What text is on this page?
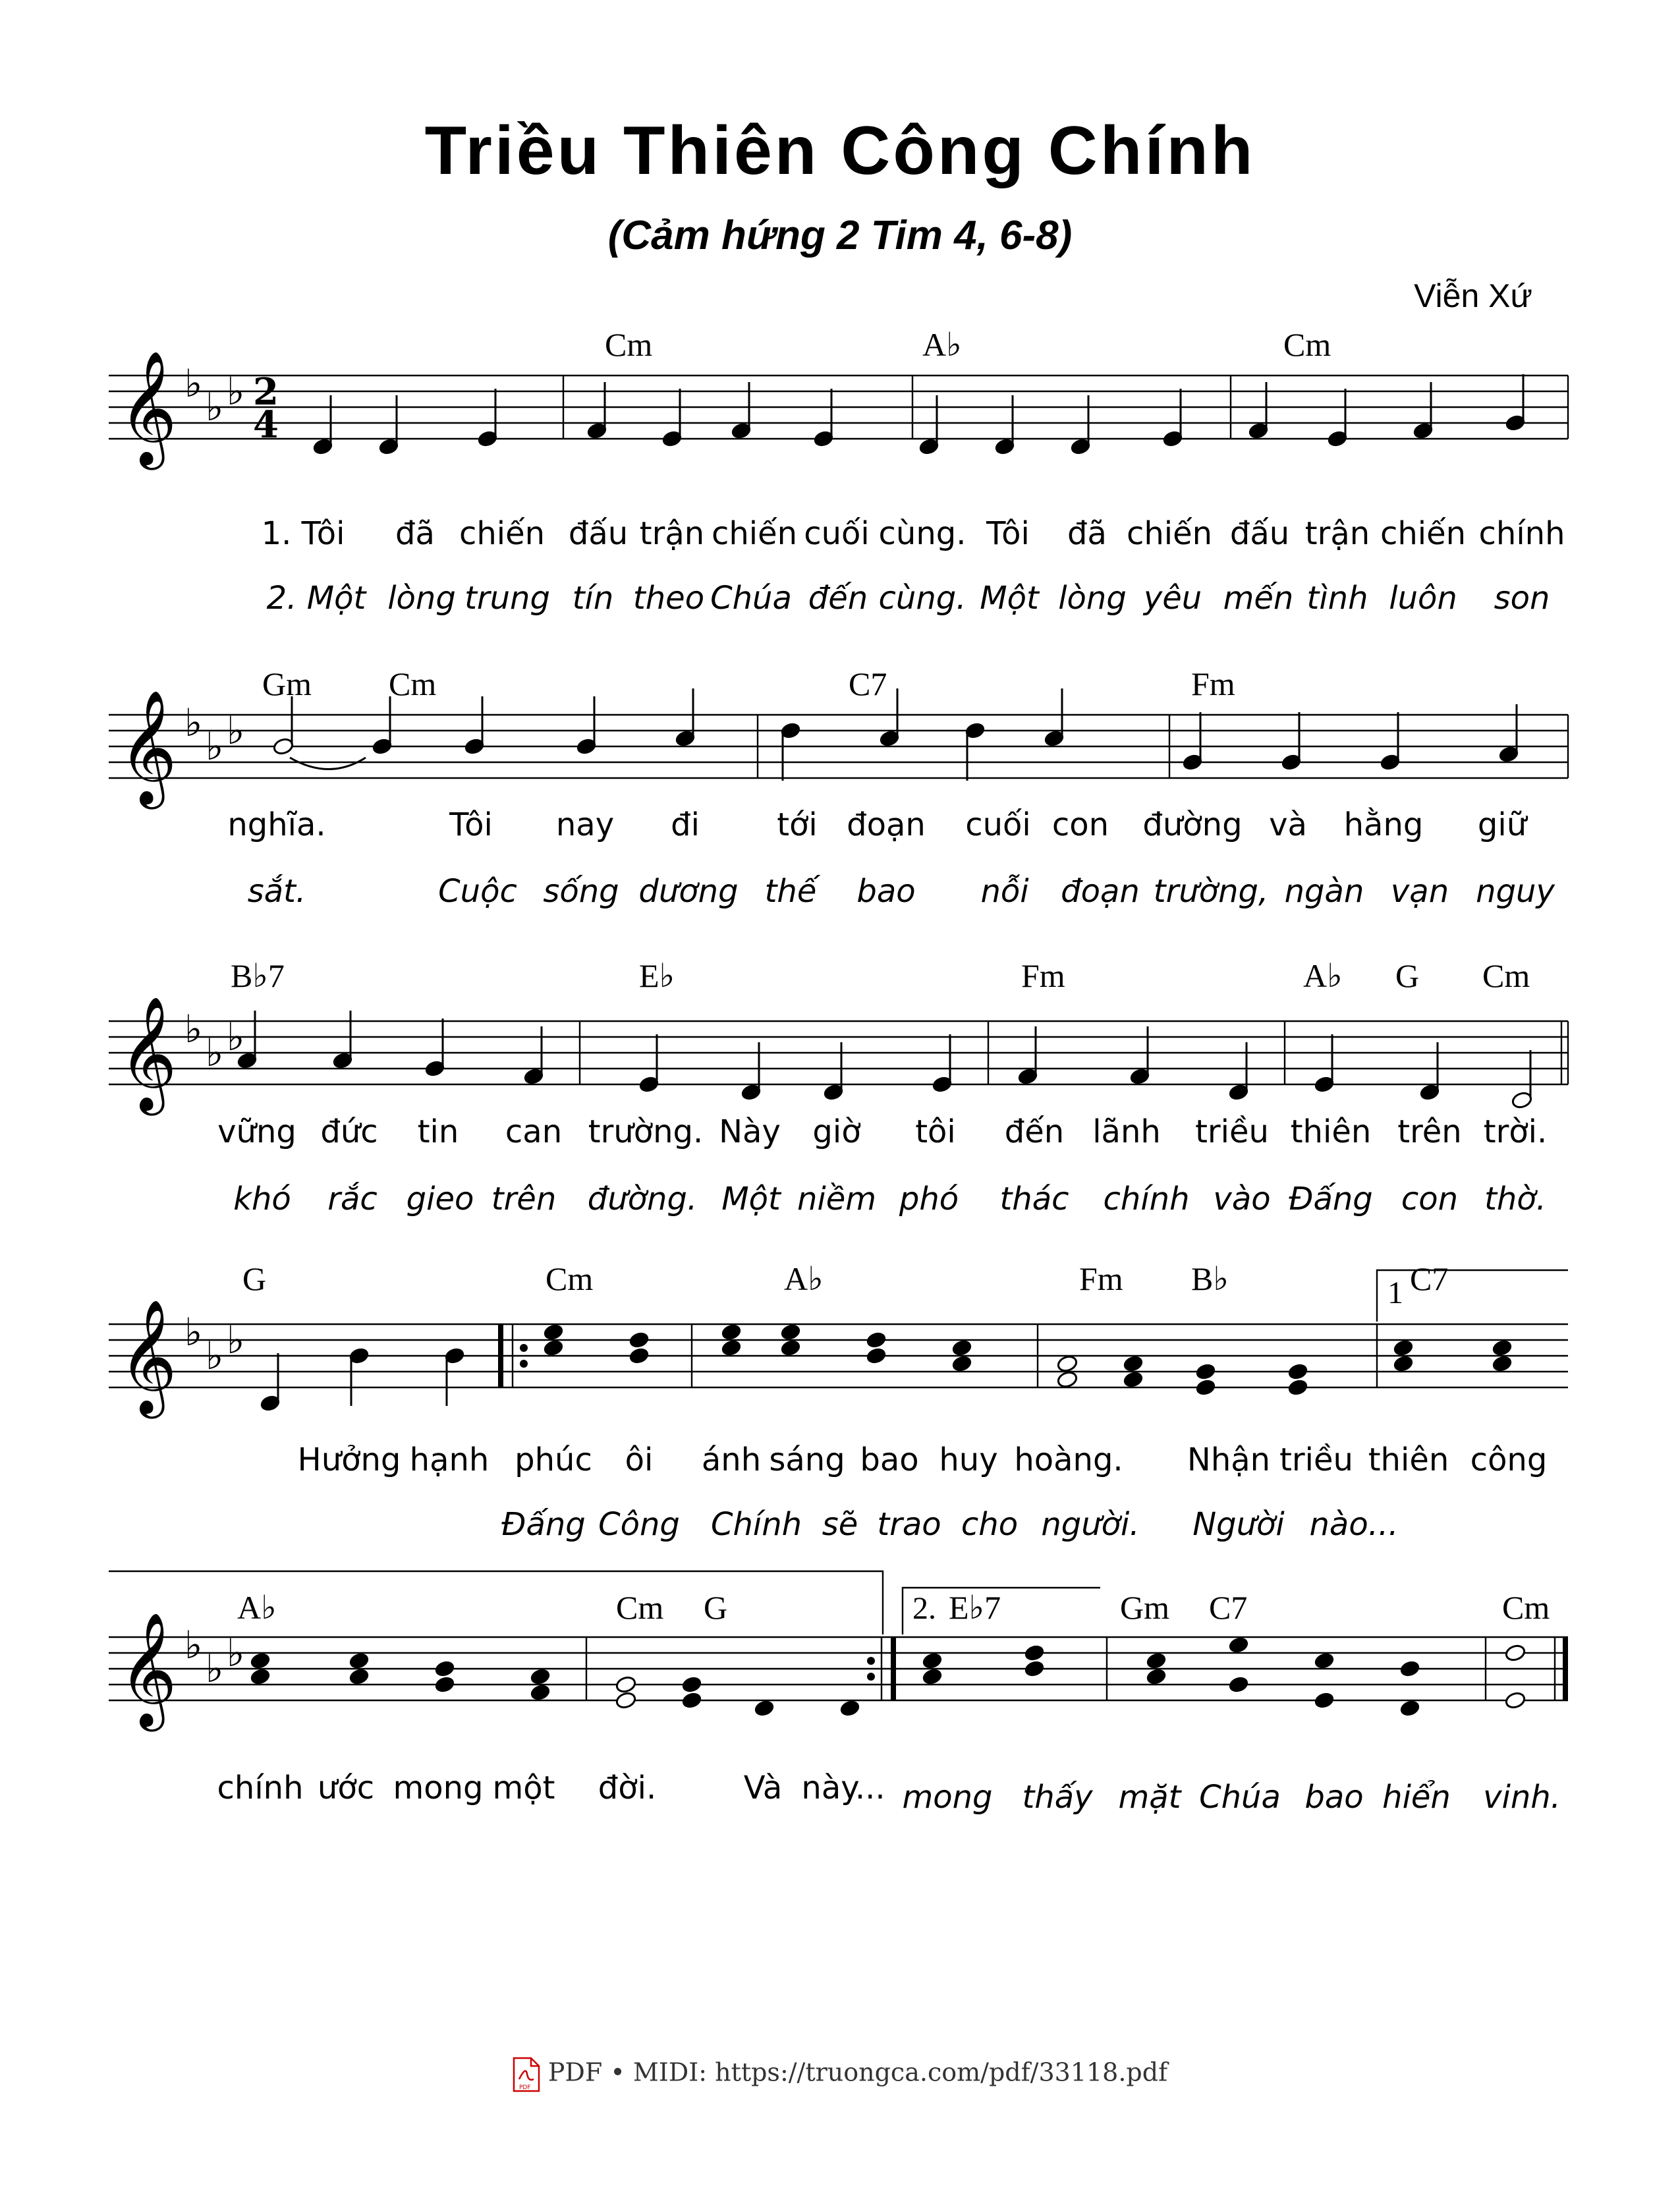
Triều Thiên Công Chính
(Cảm hứng 2 Tim 4, 6-8)
Viễn Xứ
𝄞 ♭
♭ ♭ 2
4
Cm	A♭	Cm
1. Tôi đã chiến đấu trận chiến cuối cùng. Tôi đã chiến đấu trận chiến chính
2. Một lòng trung tín theo Chúa đến cùng. Một lòng yêu mến tình luôn son
𝄞 ♭
♭ ♭
Gm Cm	C7	Fm
nghĩa.	Tôi nay đi tới đoạn cuối con đường và hằng giữ
sắt.	Cuộc sống dương thế bao nỗi đoạn trường, ngàn vạn nguy
𝄞 ♭
♭ ♭
B♭7	E♭	Fm	A♭ G Cm
vững đức tin can trường. Này giờ tôi đến lãnh triều thiên trên trời.
khó rắc gieo trên đường. Một niềm phó thác chính vào Đấng con thờ.
𝄞 ♭
♭ ♭
G	Cm	A♭	Fm B♭	C7
1
Hưởng hạnh phúc ôi ánh sáng bao huy hoàng. Nhận triều thiên công
Đấng Công Chính sẽ trao cho người. Người nào...
2.
𝄞 ♭
♭ ♭
A♭	Cm G	E♭7	Gm C7	Cm
chính ước mong một đời.	Và này... mong thấy mặt Chúa bao hiển vinh.
PDF
PDF • MIDI: https://truongca.com/pdf/33118.pdf
